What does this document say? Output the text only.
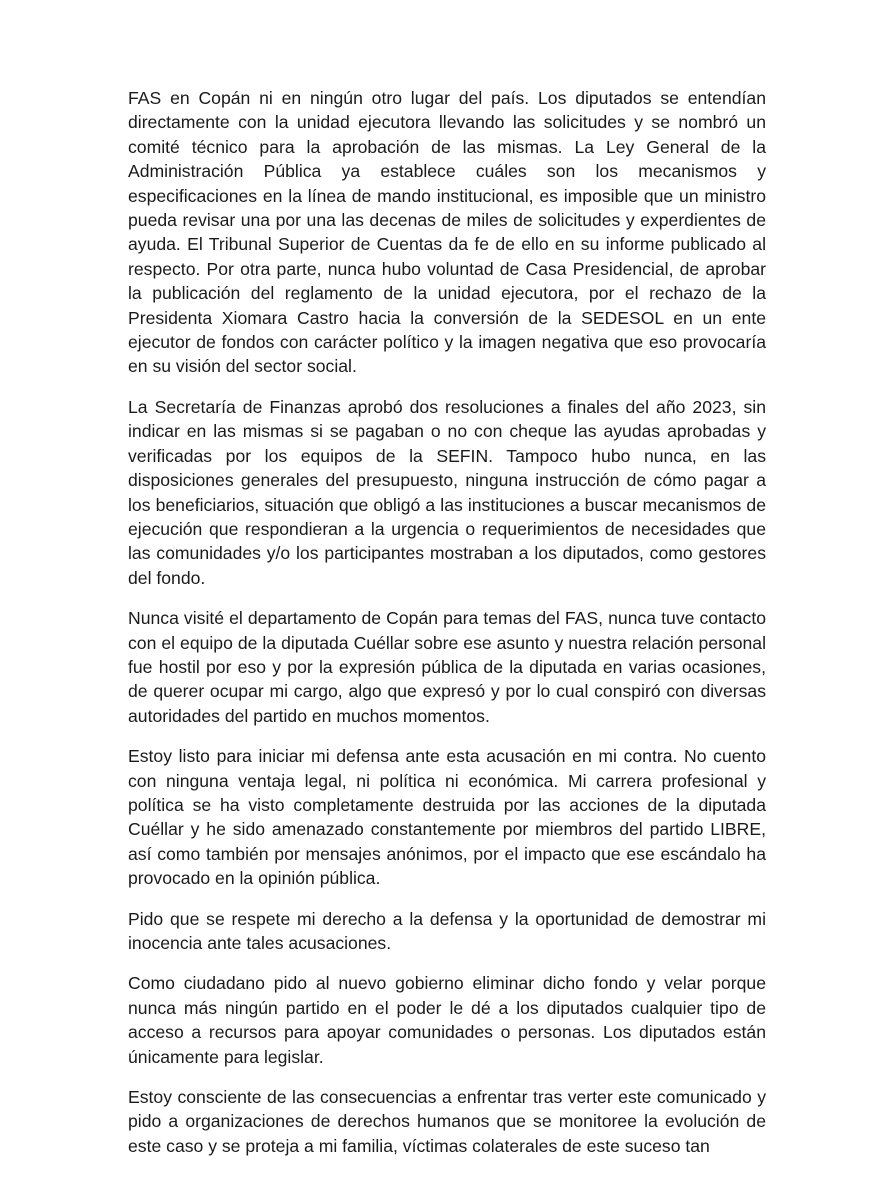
FAS en Copán ni en ningún otro lugar del país. Los diputados se entendían directamente con la unidad ejecutora llevando las solicitudes y se nombró un comité técnico para la aprobación de las mismas. La Ley General de la Administración Pública ya establece cuáles son los mecanismos y especificaciones en la línea de mando institucional, es imposible que un ministro pueda revisar una por una las decenas de miles de solicitudes y experdientes de ayuda. El Tribunal Superior de Cuentas da fe de ello en su informe publicado al respecto. Por otra parte, nunca hubo voluntad de Casa Presidencial, de aprobar la publicación del reglamento de la unidad ejecutora, por el rechazo de la Presidenta Xiomara Castro hacia la conversión de la SEDESOL en un ente ejecutor de fondos con carácter político y la imagen negativa que eso provocaría en su visión del sector social.

La Secretaría de Finanzas aprobó dos resoluciones a finales del año 2023, sin indicar en las mismas si se pagaban o no con cheque las ayudas aprobadas y verificadas por los equipos de la SEFIN. Tampoco hubo nunca, en las disposiciones generales del presupuesto, ninguna instrucción de cómo pagar a los beneficiarios, situación que obligó a las instituciones a buscar mecanismos de ejecución que respondieran a la urgencia o requerimientos de necesidades que las comunidades y/o los participantes mostraban a los diputados, como gestores del fondo.

Nunca visité el departamento de Copán para temas del FAS, nunca tuve contacto con el equipo de la diputada Cuéllar sobre ese asunto y nuestra relación personal fue hostil por eso y por la expresión pública de la diputada en varias ocasiones, de querer ocupar mi cargo, algo que expresó y por lo cual conspiró con diversas autoridades del partido en muchos momentos.

Estoy listo para iniciar mi defensa ante esta acusación en mi contra. No cuento con ninguna ventaja legal, ni política ni económica. Mi carrera profesional y política se ha visto completamente destruida por las acciones de la diputada Cuéllar y he sido amenazado constantemente por miembros del partido LIBRE, así como también por mensajes anónimos, por el impacto que ese escándalo ha provocado en la opinión pública.

Pido que se respete mi derecho a la defensa y la oportunidad de demostrar mi inocencia ante tales acusaciones.

Como ciudadano pido al nuevo gobierno eliminar dicho fondo y velar porque nunca más ningún partido en el poder le dé a los diputados cualquier tipo de acceso a recursos para apoyar comunidades o personas. Los diputados están únicamente para legislar.

Estoy consciente de las consecuencias a enfrentar tras verter este comunicado y pido a organizaciones de derechos humanos que se monitoree la evolución de este caso y se proteja a mi familia, víctimas colaterales de este suceso tan
